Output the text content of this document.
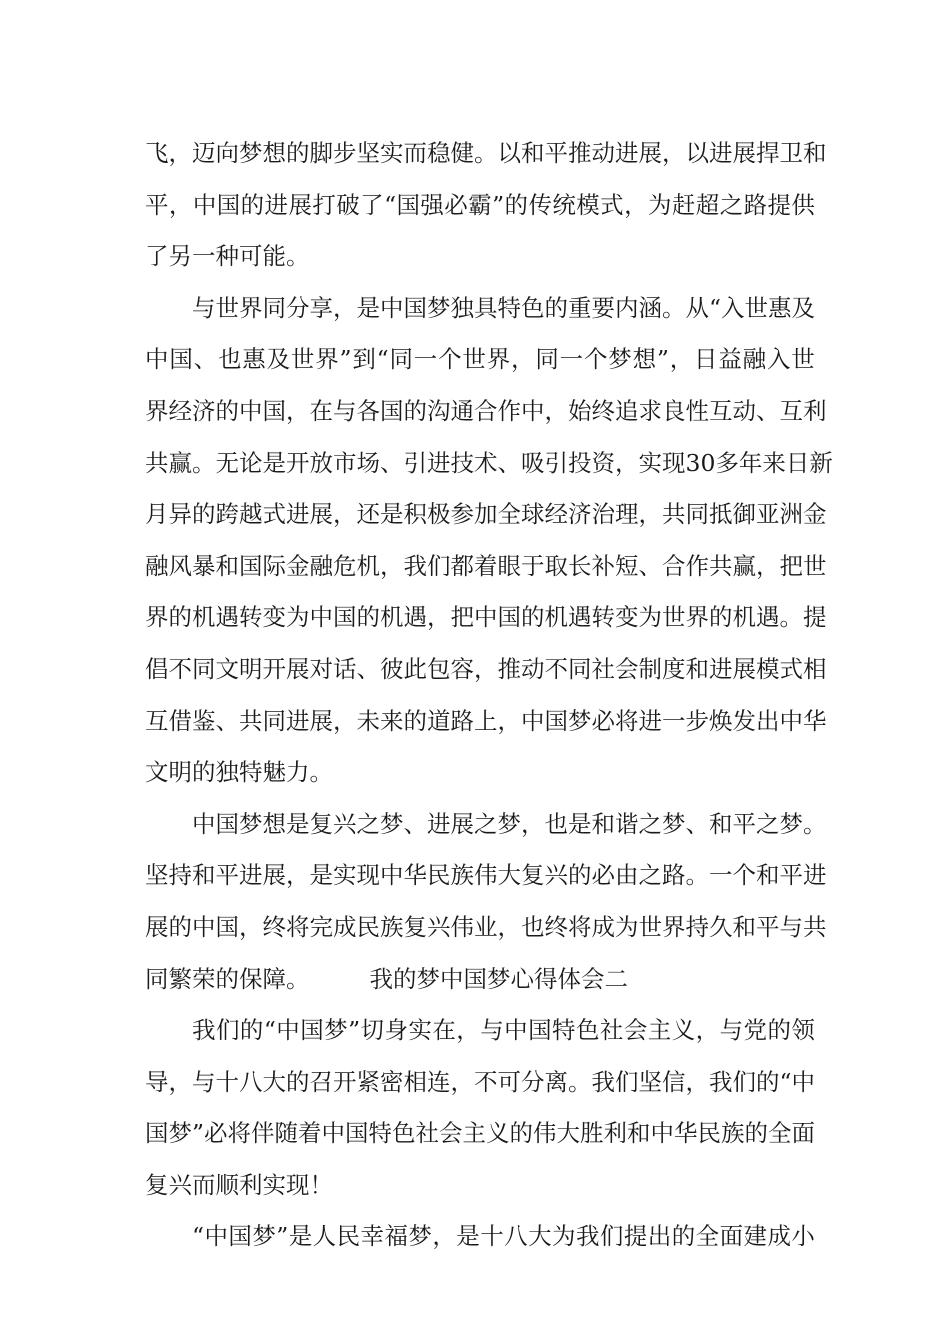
飞 ， 迈 向 梦 想 的 脚 步 坚 实 而 稳 健 。 以 和 平 推 动 进 展 ， 以 进 展 捍 卫 和
平 ， 中 国 的 进 展 打 破 了 “ 国 强 必 霸 ” 的 传 统 模 式 ， 为 赶 超 之 路 提 供
了另一种可能。
与 世 界 同 分 享 ， 是 中 国 梦 独 具 特 色 的 重 要 内 涵 。 从 “ 入 世 惠 及
中 国 、 也 惠 及 世 界 ” 到 “ 同 一 个 世 界 ， 同 一 个 梦 想 ” ， 日 益 融 入 世
界 经 济 的 中 国 ， 在 与 各 国 的 沟 通 合 作 中 ， 始 终 追 求 良 性 互 动 、 互 利
共 赢 。 无 论 是 开 放 市 场 、 引 进 技 术 、 吸 引 投 资 ， 实 现 3 0 多 年 来 日 新
月 异 的 跨 越 式 进 展 ， 还 是 积 极 参 加 全 球 经 济 治 理 ， 共 同 抵 御 亚 洲 金
融 风 暴 和 国 际 金 融 危 机 ， 我 们 都 着 眼 于 取 长 补 短 、 合 作 共 赢 ， 把 世
界 的 机 遇 转 变 为 中 国 的 机 遇 ， 把 中 国 的 机 遇 转 变 为 世 界 的 机 遇 。 提
倡 不 同 文 明 开 展 对 话 、 彼 此 包 容 ， 推 动 不 同 社 会 制 度 和 进 展 模 式 相
互 借 鉴 、 共 同 进 展 ， 未 来 的 道 路 上 ， 中 国 梦 必 将 进 一 步 焕 发 出 中 华
文明的独特魅力。
中 国 梦 想 是 复 兴 之 梦 、 进 展 之 梦 ， 也 是 和 谐 之 梦 、 和 平 之 梦 。
坚 持 和 平 进 展 ， 是 实 现 中 华 民 族 伟 大 复 兴 的 必 由 之 路 。 一 个 和 平 进
展 的 中 国 ， 终 将 完 成 民 族 复 兴 伟 业 ， 也 终 将 成 为 世 界 持 久 和 平 与 共
同繁荣的保障。	我的梦中国梦心得体会二
我 们 的 “ 中 国 梦 ” 切 身 实 在 ， 与 中 国 特 色 社 会 主 义 ， 与 党 的 领
导 ， 与 十 八 大 的 召 开 紧 密 相 连 ， 不 可 分 离 。 我 们 坚 信 ， 我 们 的 “ 中
国 梦 ” 必 将 伴 随 着 中 国 特 色 社 会 主 义 的 伟 大 胜 利 和 中 华 民 族 的 全 面
复兴而顺利实现！
“ 中 国 梦 ” 是 人 民 幸 福 梦 ， 是 十 八 大 为 我 们 提 出 的 全 面 建 成 小
